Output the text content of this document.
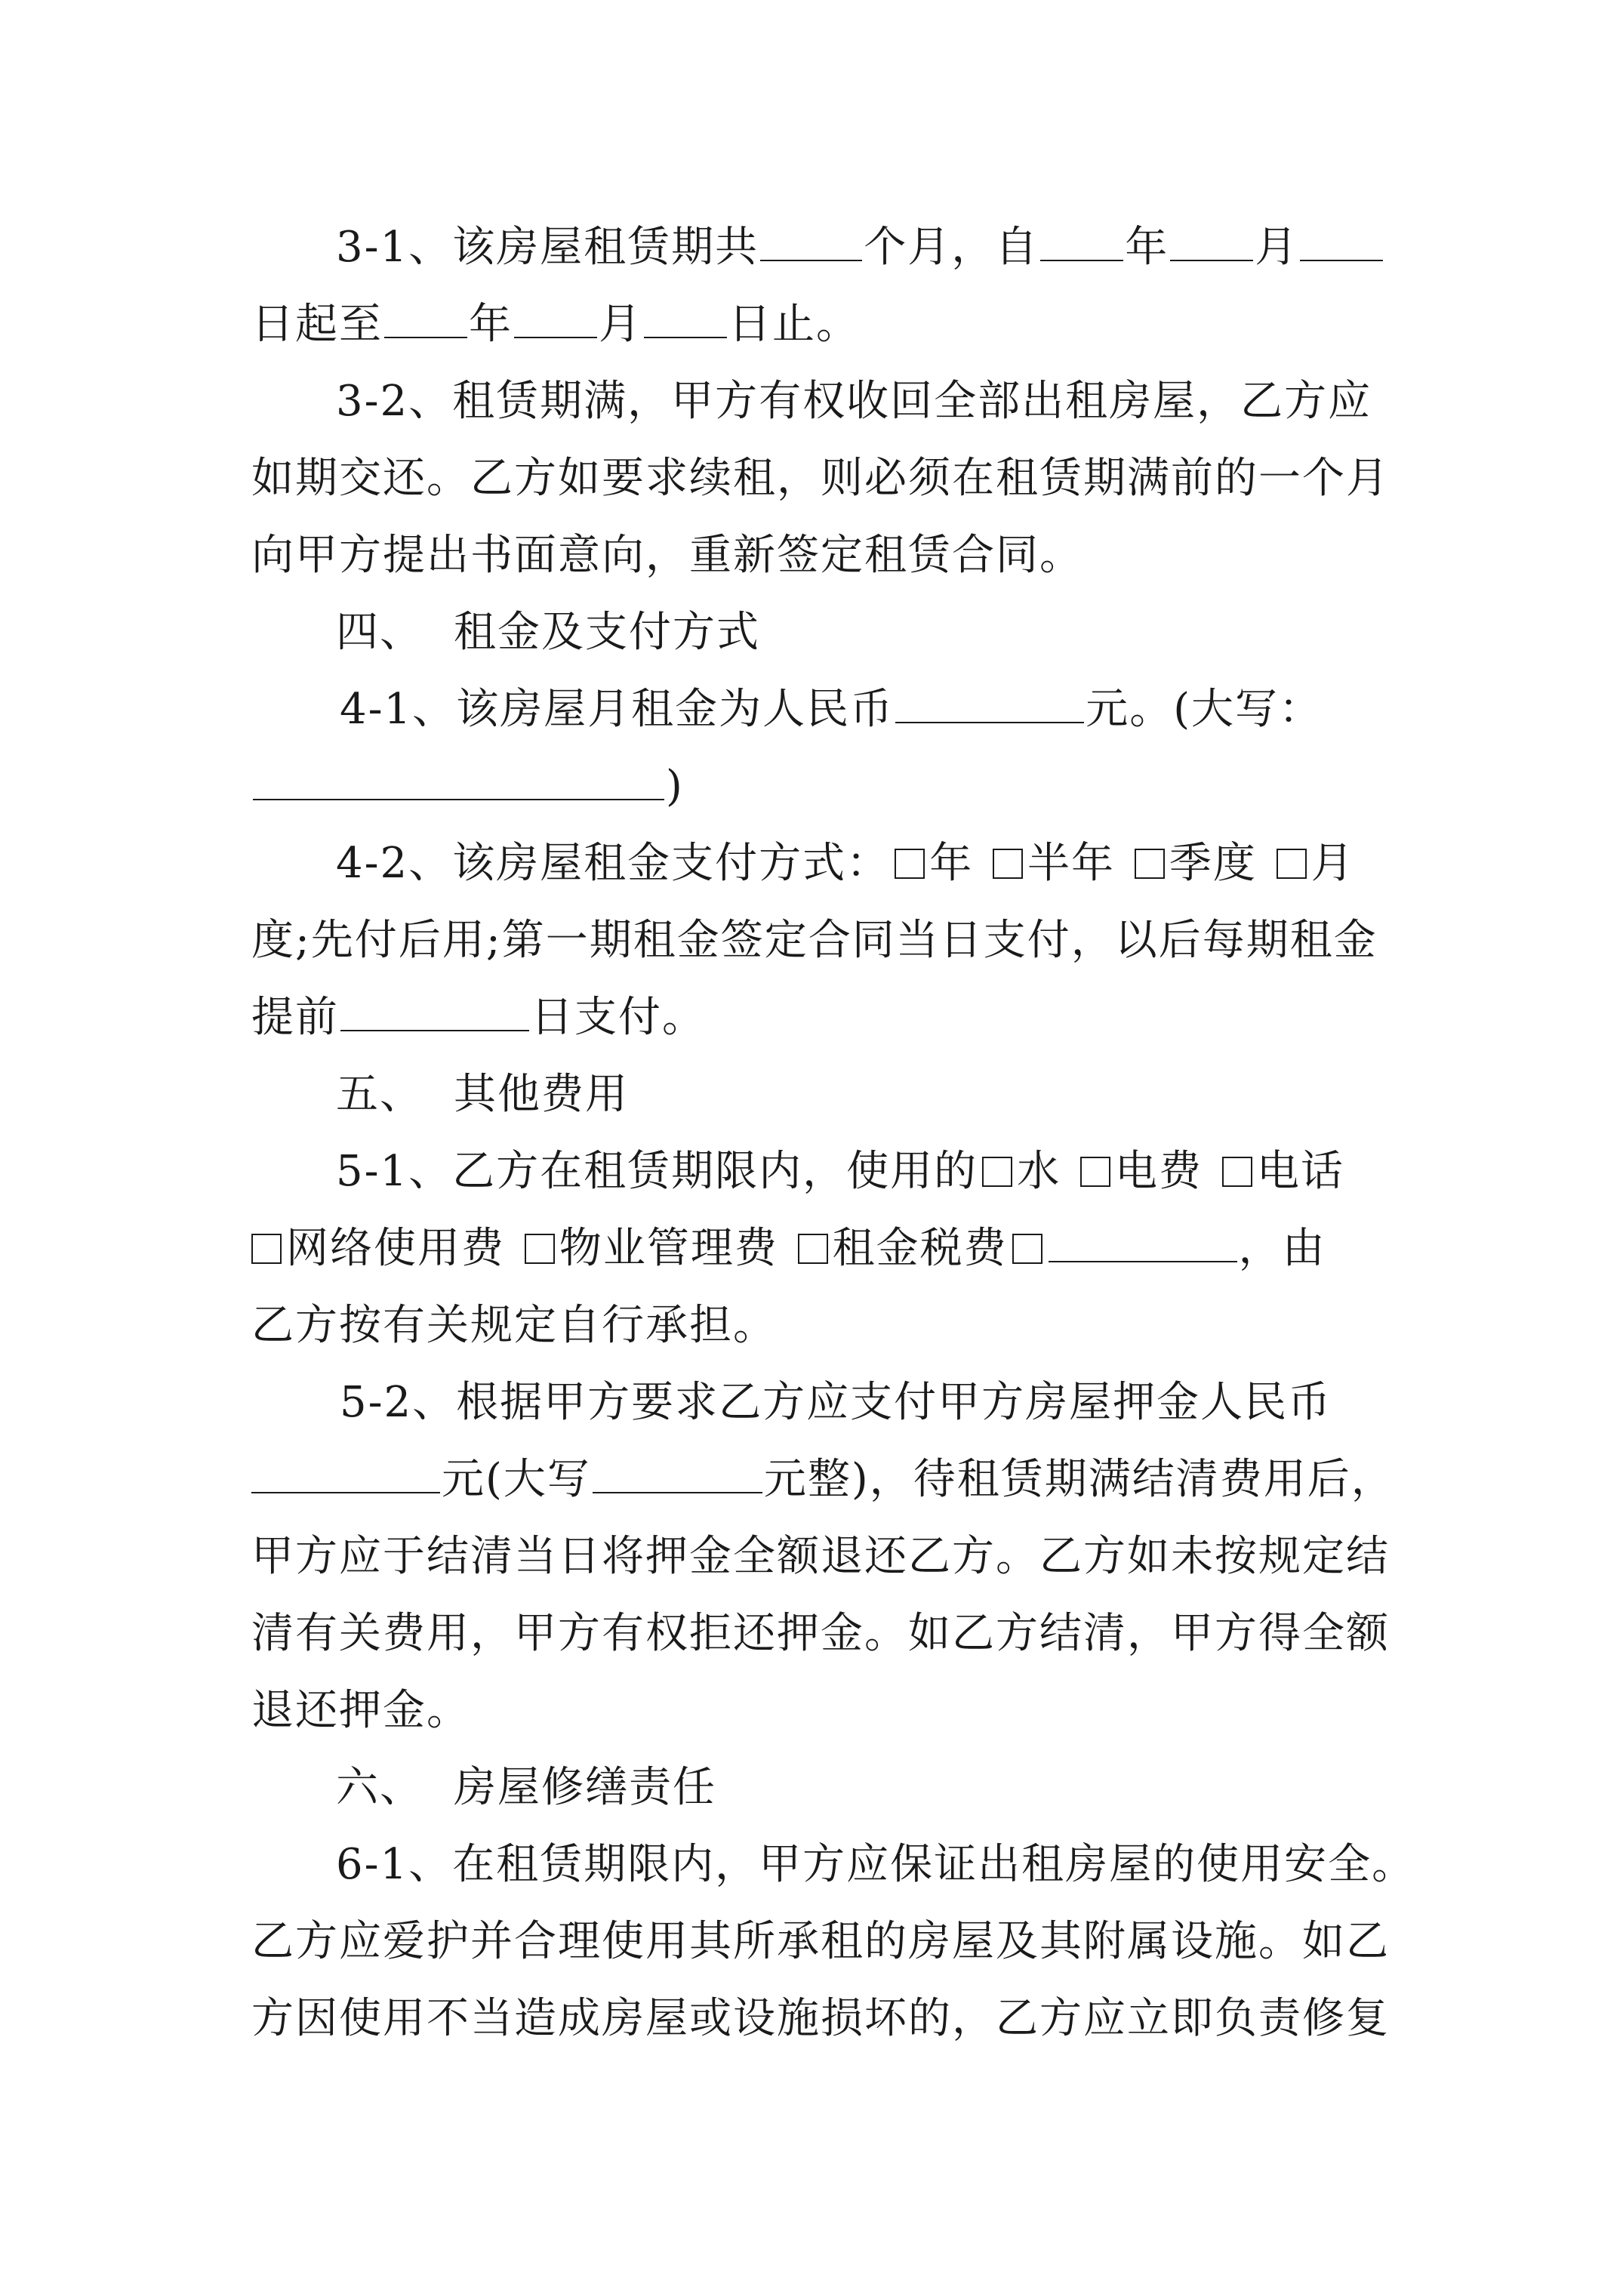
3-1、该房屋租赁期共 个月，自 年 月
日起至 年 月 日止。
3-2、租赁期满，甲方有权收回全部出租房屋，乙方应
如期交还。乙方如要求续租，则必须在租赁期满前的一个月
向甲方提出书面意向，重新签定租赁合同。
四、 租金及支付方式
4-1、该房屋月租金为人民币	元。(大写：
)
4-2、该房屋租金支付方式： 年 半年 季度 月
度;先付后用;第一期租金签定合同当日支付，以后每期租金
提前	日支付。
五、 其他费用
5-1、乙方在租赁期限内，使用的 水 电费 电话
网络使用费 物业管理费 租金税费	，由
乙方按有关规定自行承担。
5-2、根据甲方要求乙方应支付甲方房屋押金人民币
元(大写	元整)，待租赁期满结清费用后，
甲方应于结清当日将押金全额退还乙方。乙方如未按规定结
清有关费用，甲方有权拒还押金。如乙方结清，甲方得全额
退还押金。
六、 房屋修缮责任
6-1、在租赁期限内，甲方应保证出租房屋的使用安全。
乙方应爱护并合理使用其所承租的房屋及其附属设施。如乙
方因使用不当造成房屋或设施损坏的，乙方应立即负责修复
